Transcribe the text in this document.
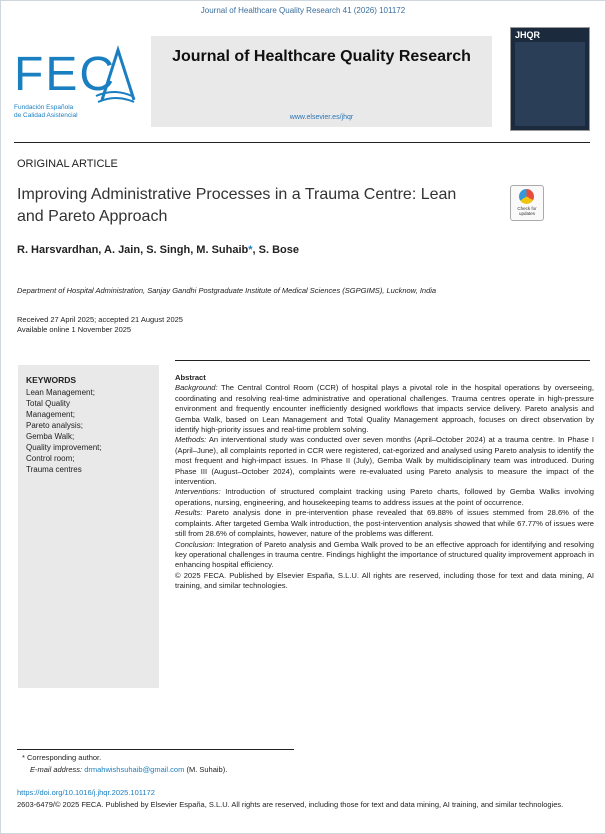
Journal of Healthcare Quality Research 41 (2026) 101172
FEC
Fundación Española
de Calidad Asistencial
Journal of Healthcare Quality Research
www.elsevier.es/jhqr
JHQR
ORIGINAL ARTICLE
Improving Administrative Processes in a Trauma Centre: Lean and Pareto Approach	Check for
updates
R. Harsvardhan, A. Jain, S. Singh, M. Suhaib*, S. Bose
Department of Hospital Administration, Sanjay Gandhi Postgraduate Institute of Medical Sciences (SGPGIMS), Lucknow, India
Received 27 April 2025; accepted 21 August 2025
Available online 1 November 2025
KEYWORDS
Lean Management;
Total Quality
Management;
Pareto analysis;
Gemba Walk;
Quality improvement;
Control room;
Trauma centres

Abstract

Background: The Central Control Room (CCR) of hospital plays a pivotal role in the hospital operations by overseeing, coordinating and resolving real-time administrative and operational challenges. Trauma centres operate in high-pressure environment and frequently encounter inefficiently designed workflows that impacts service delivery. Pareto analysis and Gemba Walk, based on Lean Management and Total Quality Management approach, focuses on direct observation by identify high-priority issues and real-time problem solving.

Methods: An interventional study was conducted over seven months (April–October 2024) at a trauma centre. In Phase I (April–June), all complaints reported in CCR were registered, cat-egorized and analysed using Pareto analysis to identify the most frequent and high-impact issues. In Phase II (July), Gemba Walk by multidisciplinary team was introduced. During Phase III (August–October 2024), complaints were re-evaluated using Pareto analysis to measure the impact of the intervention.

Interventions: Introduction of structured complaint tracking using Pareto charts, followed by Gemba Walks involving operations, nursing, engineering, and housekeeping teams to address issues at the point of occurrence.

Results: Pareto analysis done in pre-intervention phase revealed that 69.88% of issues stemmed from 28.6% of the complaints. After targeted Gemba Walk introduction, the post-intervention analysis showed that while 67.77% of issues were still from 28.6% of complaints, however, nature of the problems was different.

Conclusion: Integration of Pareto analysis and Gemba Walk proved to be an effective approach for identifying and resolving key operational challenges in trauma centre. Findings highlight the importance of structured quality improvement approach in enhancing hospital efficiency.

© 2025 FECA. Published by Elsevier España, S.L.U. All rights are reserved, including those for text and data mining, AI training, and similar technologies.

* Corresponding author.
E-mail address: drmahwishsuhaib@gmail.com (M. Suhaib).
https://doi.org/10.1016/j.jhqr.2025.101172
2603-6479/© 2025 FECA. Published by Elsevier España, S.L.U. All rights are reserved, including those for text and data mining, AI training, and similar technologies.
